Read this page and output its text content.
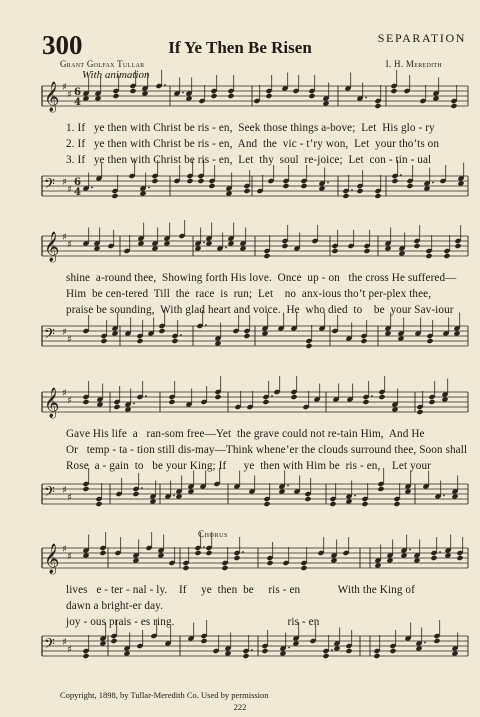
300	If Ye Then Be Risen	SEPARATION
Grant Golfax Tullar	I. H. Meredith
With animation
Chorus
𝄞 ♯
♯ 6
4
𝄢 ♯
♯
6
4
𝄞 ♯
♯
𝄢 ♯
♯
𝄞 ♯
♯
𝄢 ♯
♯
𝄞 ♯
♯
𝄢 ♯
♯
1. If   ye then with Christ be ris - en,  Seek those things a-bove;  Let  His glo - ry
2. If   ye then with Christ be ris - en,  And  the  vic - t’ry won,  Let  your tho’ts on
3. If   ye then with Christ be ris - en,  Let  thy  soul  re-joice;  Let  con - tin - ual
shine  a-round thee,  Showing forth His love.  Once  up - on   the cross He suffered—
Him  be cen-tered  Till  the  race  is  run;  Let    no  anx-ious tho’t per-plex thee,
praise be sounding,  With glad heart and voice.  He  who died  to    be  your Sav-iour
Gave His life  a   ran-som free—Yet  the grave could not re-tain Him,  And He
Or   temp - ta - tion still dis-may—Think whene’er the clouds surround thee, Soon shall
Rose  a - gain  to   be your King; If      ye  then with Him be  ris - en,    Let your
lives   e - ter - nal - ly.    If     ye  then  be     ris - en             With the King of
dawn a bright-er day.
joy - ous prais - es ring.                                       ris - en
Copyright, 1898, by Tullar-Meredith Co. Used by permission
222
